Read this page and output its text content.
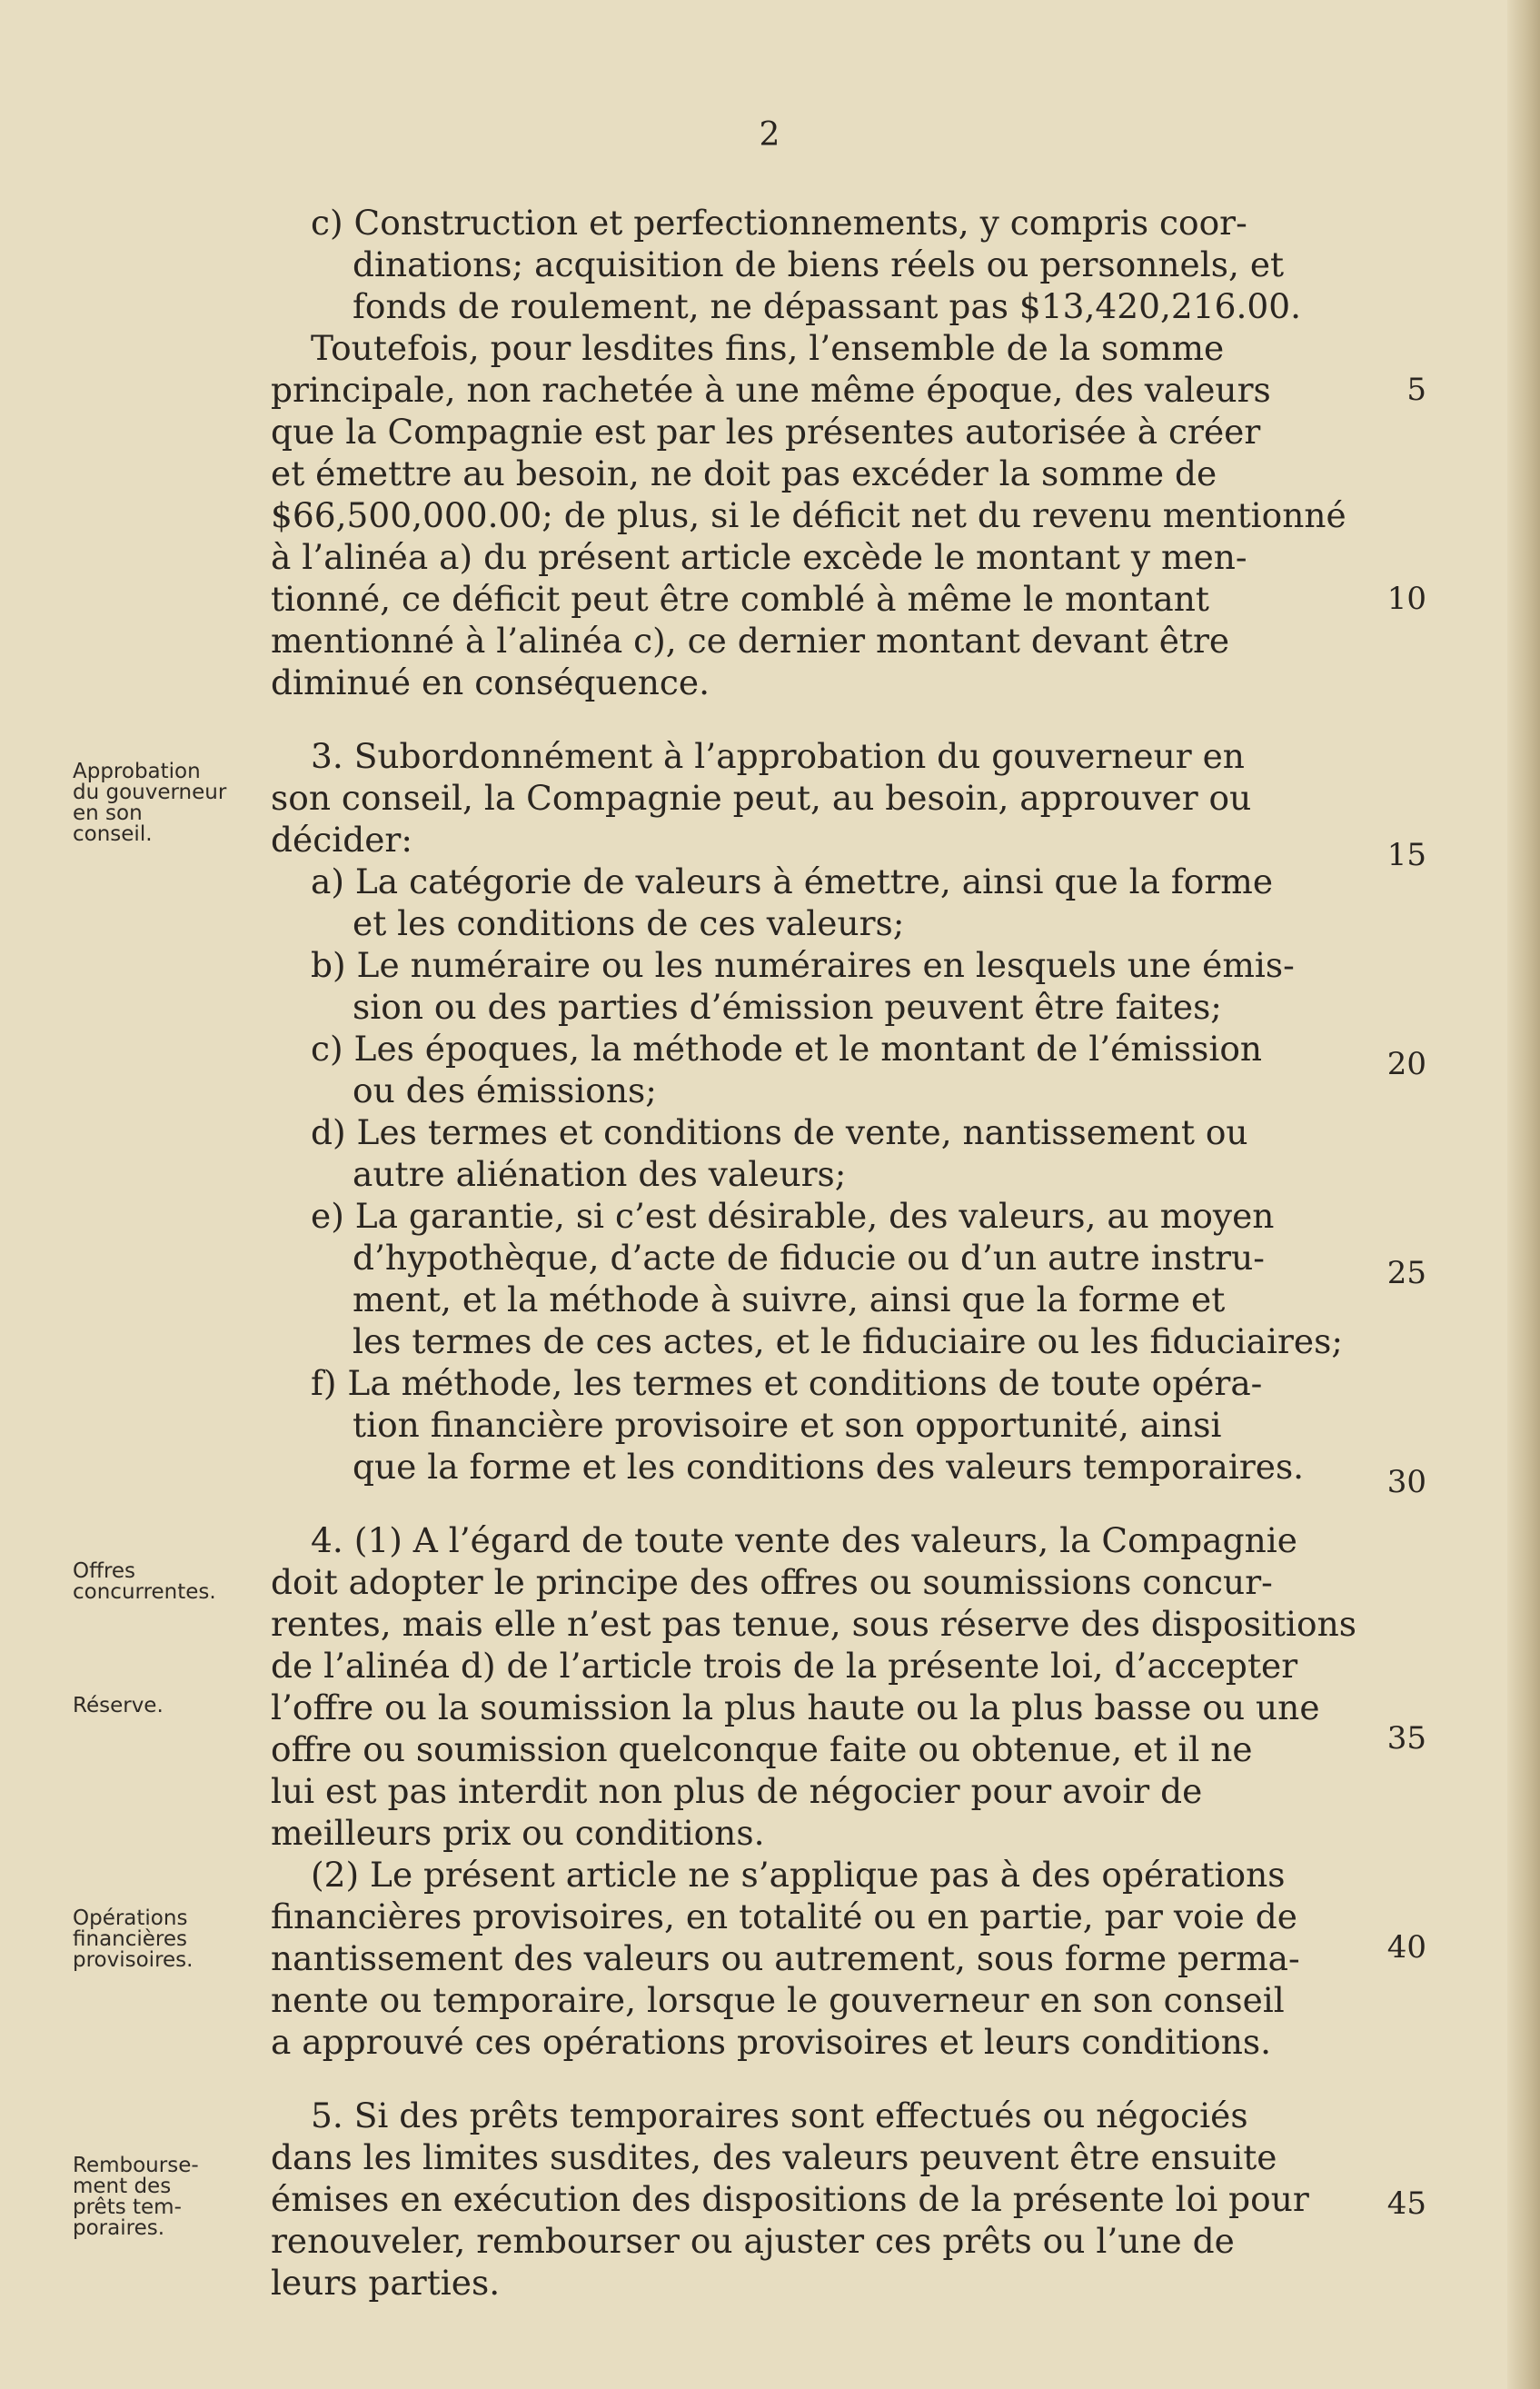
2
c) Construction et perfectionnements, y compris coor-
dinations; acquisition de biens réels ou personnels, et
fonds de roulement, ne dépassant pas $13,420,216.00.
Toutefois, pour lesdites fins, l’ensemble de la somme
principale, non rachetée à une même époque, des valeurs
que la Compagnie est par les présentes autorisée à créer
et émettre au besoin, ne doit pas excéder la somme de
$66,500,000.00; de plus, si le déficit net du revenu mentionné
à l’alinéa a) du présent article excède le montant y men-
tionné, ce déficit peut être comblé à même le montant
mentionné à l’alinéa c), ce dernier montant devant être
diminué en conséquence.
3. Subordonnément à l’approbation du gouverneur en
son conseil, la Compagnie peut, au besoin, approuver ou
décider:
a) La catégorie de valeurs à émettre, ainsi que la forme
et les conditions de ces valeurs;
b) Le numéraire ou les numéraires en lesquels une émis-
sion ou des parties d’émission peuvent être faites;
c) Les époques, la méthode et le montant de l’émission
ou des émissions;
d) Les termes et conditions de vente, nantissement ou
autre aliénation des valeurs;
e) La garantie, si c’est désirable, des valeurs, au moyen
d’hypothèque, d’acte de fiducie ou d’un autre instru-
ment, et la méthode à suivre, ainsi que la forme et
les termes de ces actes, et le fiduciaire ou les fiduciaires;
f) La méthode, les termes et conditions de toute opéra-
tion financière provisoire et son opportunité, ainsi
que la forme et les conditions des valeurs temporaires.
4. (1) A l’égard de toute vente des valeurs, la Compagnie
doit adopter le principe des offres ou soumissions concur-
rentes, mais elle n’est pas tenue, sous réserve des dispositions
de l’alinéa d) de l’article trois de la présente loi, d’accepter
l’offre ou la soumission la plus haute ou la plus basse ou une
offre ou soumission quelconque faite ou obtenue, et il ne
lui est pas interdit non plus de négocier pour avoir de
meilleurs prix ou conditions.
(2) Le présent article ne s’applique pas à des opérations
financières provisoires, en totalité ou en partie, par voie de
nantissement des valeurs ou autrement, sous forme perma-
nente ou temporaire, lorsque le gouverneur en son conseil
a approuvé ces opérations provisoires et leurs conditions.
5. Si des prêts temporaires sont effectués ou négociés
dans les limites susdites, des valeurs peuvent être ensuite
émises en exécution des dispositions de la présente loi pour
renouveler, rembourser ou ajuster ces prêts ou l’une de
leurs parties.
Approbation
du gouverneur
en son
conseil.
Offres
concurrentes.
Réserve.
Opérations
financières
provisoires.
Rembourse-
ment des
prêts tem-
poraires.
5
10
15
20
25
30
35
40
45
